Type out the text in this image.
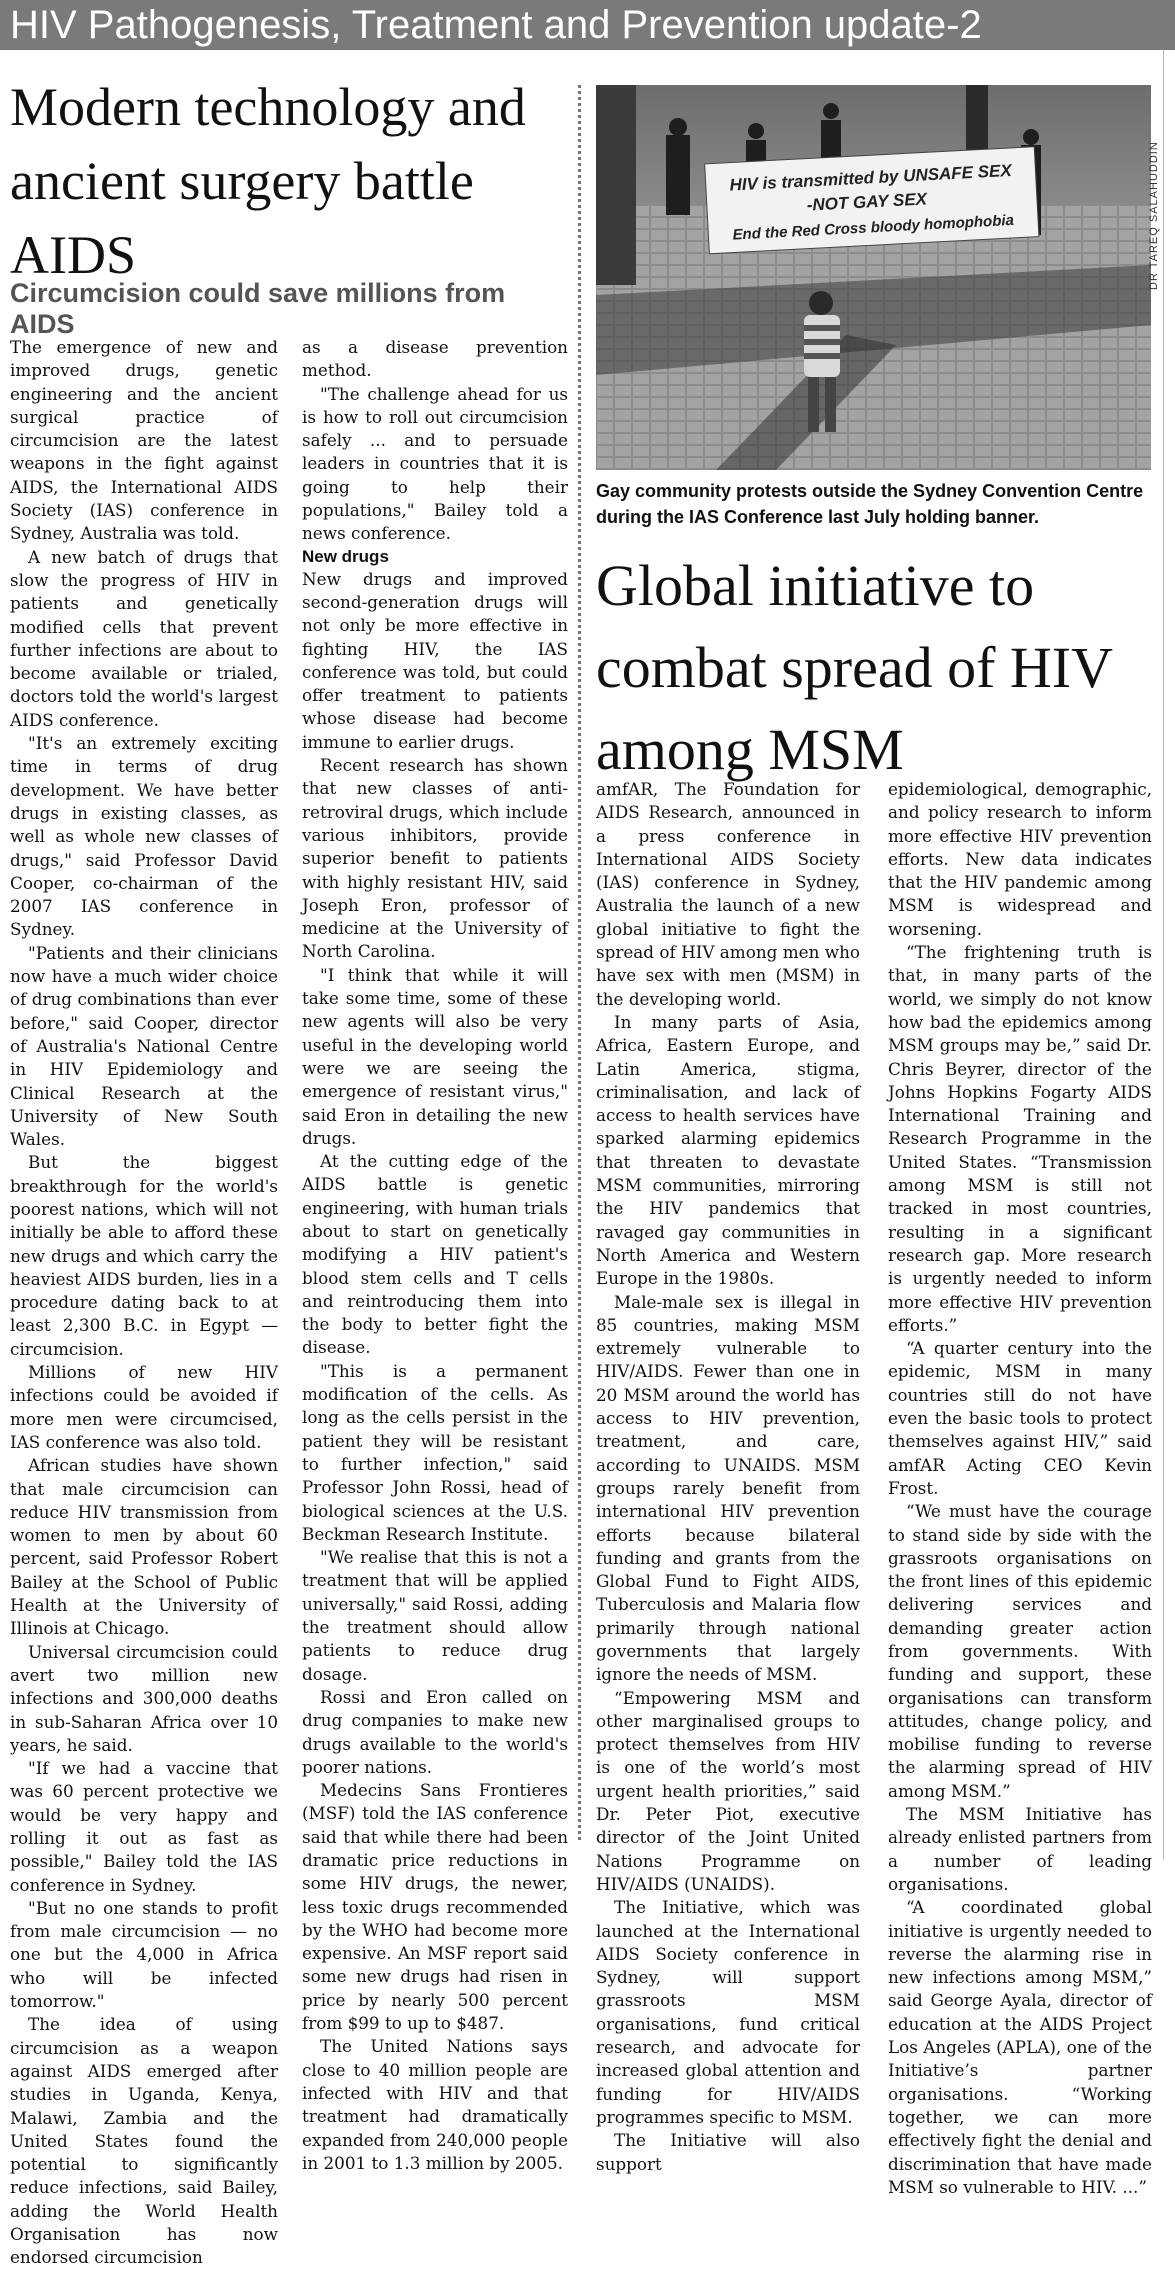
HIV Pathogenesis, Treatment and Prevention update-2
Modern technology and ancient surgery battle AIDS
Circumcision could save millions from AIDS

The emergence of new and improved drugs, genetic engineering and the ancient surgical practice of circumcision are the latest weapons in the fight against AIDS, the International AIDS Society (IAS) conference in Sydney, Australia was told.

A new batch of drugs that slow the progress of HIV in patients and genetically modified cells that prevent further infections are about to become available or trialed, doctors told the world's largest AIDS conference.

"It's an extremely exciting time in terms of drug development. We have better drugs in existing classes, as well as whole new classes of drugs," said Professor David Cooper, co-chairman of the 2007 IAS conference in Sydney.

"Patients and their clinicians now have a much wider choice of drug combinations than ever before," said Cooper, director of Australia's National Centre in HIV Epidemiology and Clinical Research at the University of New South Wales.

But the biggest breakthrough for the world's poorest nations, which will not initially be able to afford these new drugs and which carry the heaviest AIDS burden, lies in a procedure dating back to at least 2,300 B.C. in Egypt — circumcision.

Millions of new HIV infections could be avoided if more men were circumcised, IAS conference was also told.

African studies have shown that male circumcision can reduce HIV transmission from women to men by about 60 percent, said Professor Robert Bailey at the School of Public Health at the University of Illinois at Chicago.

Universal circumcision could avert two million new infections and 300,000 deaths in sub-Saharan Africa over 10 years, he said.

"If we had a vaccine that was 60 percent protective we would be very happy and rolling it out as fast as possible," Bailey told the IAS conference in Sydney.

"But no one stands to profit from male circumcision — no one but the 4,000 in Africa who will be infected tomorrow."

The idea of using circumcision as a weapon against AIDS emerged after studies in Uganda, Kenya, Malawi, Zambia and the United States found the potential to significantly reduce infections, said Bailey, adding the World Health Organisation has now endorsed circumcision

as a disease prevention method.

"The challenge ahead for us is how to roll out circumcision safely ... and to persuade leaders in countries that it is going to help their populations," Bailey told a news conference.

New drugs

New drugs and improved second-generation drugs will not only be more effective in fighting HIV, the IAS conference was told, but could offer treatment to patients whose disease had become immune to earlier drugs.

Recent research has shown that new classes of anti-retroviral drugs, which include various inhibitors, provide superior benefit to patients with highly resistant HIV, said Joseph Eron, professor of medicine at the University of North Carolina.

"I think that while it will take some time, some of these new agents will also be very useful in the developing world were we are seeing the emergence of resistant virus," said Eron in detailing the new drugs.

At the cutting edge of the AIDS battle is genetic engineering, with human trials about to start on genetically modifying a HIV patient's blood stem cells and T cells and reintroducing them into the body to better fight the disease.

"This is a permanent modification of the cells. As long as the cells persist in the patient they will be resistant to further infection," said Professor John Rossi, head of biological sciences at the U.S. Beckman Research Institute.

"We realise that this is not a treatment that will be applied universally," said Rossi, adding the treatment should allow patients to reduce drug dosage.

Rossi and Eron called on drug companies to make new drugs available to the world's poorer nations.

Medecins Sans Frontieres (MSF) told the IAS conference said that while there had been dramatic price reductions in some HIV drugs, the newer, less toxic drugs recommended by the WHO had become more expensive. An MSF report said some new drugs had risen in price by nearly 500 percent from $99 to up to $487.

The United Nations says close to 40 million people are infected with HIV and that treatment had dramatically expanded from 240,000 people in 2001 to 1.3 million by 2005.

HIV is transmitted by UNSAFE SEX
-NOT GAY SEX
End the Red Cross bloody homophobia	DR TAREQ SALAHUDDIN

Gay community protests outside the Sydney Convention Centre during the IAS Conference last July holding banner.

Global initiative to combat spread of HIV among MSM

amfAR, The Foundation for AIDS Research, announced in a press conference in International AIDS Society (IAS) conference in Sydney, Australia the launch of a new global initiative to fight the spread of HIV among men who have sex with men (MSM) in the developing world.

In many parts of Asia, Africa, Eastern Europe, and Latin America, stigma, criminalisation, and lack of access to health services have sparked alarming epidemics that threaten to devastate MSM communities, mirroring the HIV pandemics that ravaged gay communities in North America and Western Europe in the 1980s.

Male-male sex is illegal in 85 countries, making MSM extremely vulnerable to HIV/AIDS. Fewer than one in 20 MSM around the world has access to HIV prevention, treatment, and care, according to UNAIDS. MSM groups rarely benefit from international HIV prevention efforts because bilateral funding and grants from the Global Fund to Fight AIDS, Tuberculosis and Malaria flow primarily through national governments that largely ignore the needs of MSM.

“Empowering MSM and other marginalised groups to protect themselves from HIV is one of the world’s most urgent health priorities,” said Dr. Peter Piot, executive director of the Joint United Nations Programme on HIV/AIDS (UNAIDS).

The Initiative, which was launched at the International AIDS Society conference in Sydney, will support grassroots MSM organisations, fund critical research, and advocate for increased global attention and funding for HIV/AIDS programmes specific to MSM.

The Initiative will also support

epidemiological, demographic, and policy research to inform more effective HIV prevention efforts. New data indicates that the HIV pandemic among MSM is widespread and worsening.

“The frightening truth is that, in many parts of the world, we simply do not know how bad the epidemics among MSM groups may be,” said Dr. Chris Beyrer, director of the Johns Hopkins Fogarty AIDS International Training and Research Programme in the United States. “Transmission among MSM is still not tracked in most countries, resulting in a significant research gap. More research is urgently needed to inform more effective HIV prevention efforts.”

“A quarter century into the epidemic, MSM in many countries still do not have even the basic tools to protect themselves against HIV,” said amfAR Acting CEO Kevin Frost.

“We must have the courage to stand side by side with the grassroots organisations on the front lines of this epidemic delivering services and demanding greater action from governments. With funding and support, these organisations can transform attitudes, change policy, and mobilise funding to reverse the alarming spread of HIV among MSM.”

The MSM Initiative has already enlisted partners from a number of leading organisations.

“A coordinated global initiative is urgently needed to reverse the alarming rise in new infections among MSM,” said George Ayala, director of education at the AIDS Project Los Angeles (APLA), one of the Initiative’s partner organisations. “Working together, we can more effectively fight the denial and discrimination that have made MSM so vulnerable to HIV. ...”
